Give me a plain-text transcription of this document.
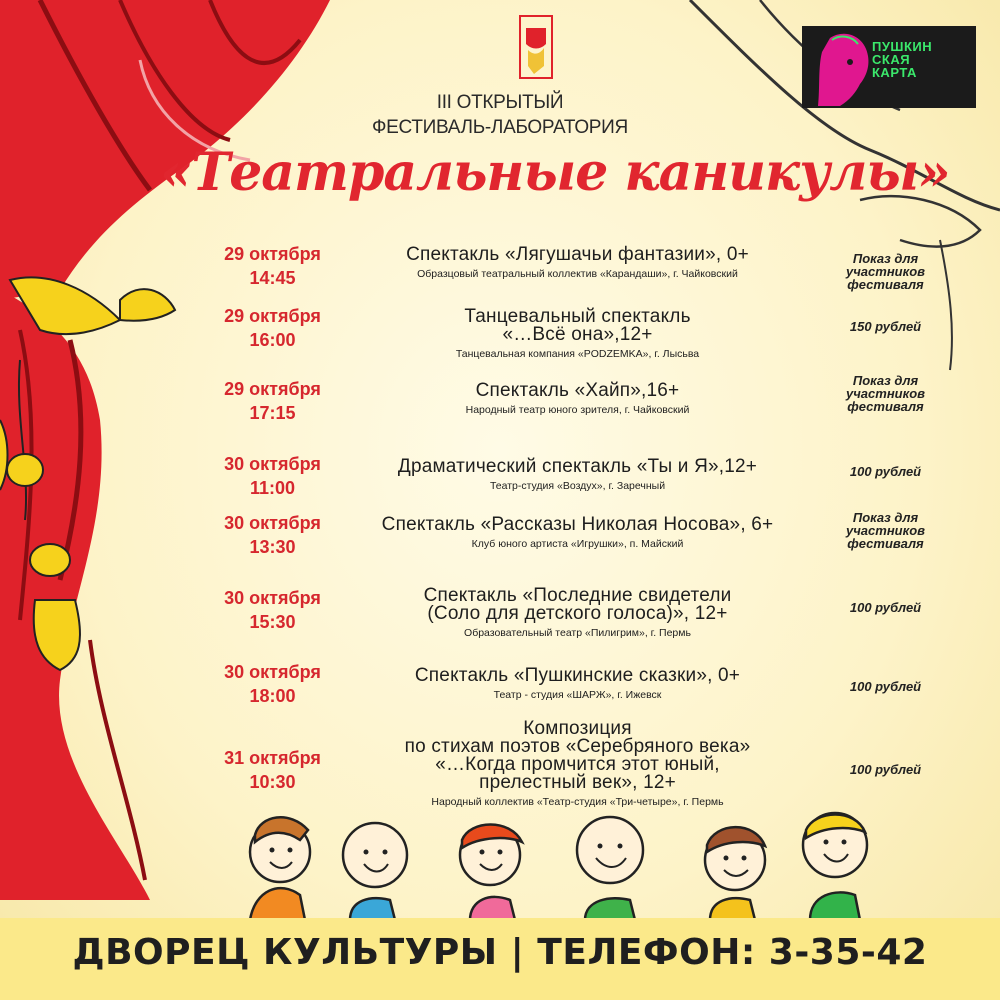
ПУШКИН
СКАЯ
КАРТА
III ОТКРЫТЫЙ
ФЕСТИВАЛЬ-ЛАБОРАТОРИЯ
«Театральные каникулы»
29 октября
14:45
Спектакль «Лягушачьи фантазии», 0+
Образцовый театральный коллектив «Карандаши», г. Чайковский
Показ для
участников
фестиваля
29 октября
16:00
Танцевальный спектакль
«…Всё она»,12+
Танцевальная компания «PODZEMKA», г. Лысьва
150 рублей
29 октября
17:15
Спектакль «Хайп»,16+
Народный театр юного зрителя, г. Чайковский
Показ для
участников
фестиваля
30 октября
11:00
Драматический спектакль «Ты и Я»,12+
Театр-студия «Воздух», г. Заречный
100 рублей
30 октября
13:30
Спектакль «Рассказы Николая Носова», 6+
Клуб юного артиста «Игрушки», п. Майский
Показ для
участников
фестиваля
30 октября
15:30
Спектакль «Последние свидетели
(Соло для детского голоса)», 12+
Образовательный театр «Пилигрим», г. Пермь
100 рублей
30 октября
18:00
Спектакль «Пушкинские сказки», 0+
Театр - студия «ШАРЖ», г. Ижевск
100 рублей
31 октября
10:30
Композиция
по стихам поэтов «Серебряного века»
«…Когда промчится этот юный,
прелестный век», 12+
Народный коллектив «Театр-студия «Три-четыре», г. Пермь
100 рублей
ДВОРЕЦ КУЛЬТУРЫ | ТЕЛЕФОН: 3-35-42
